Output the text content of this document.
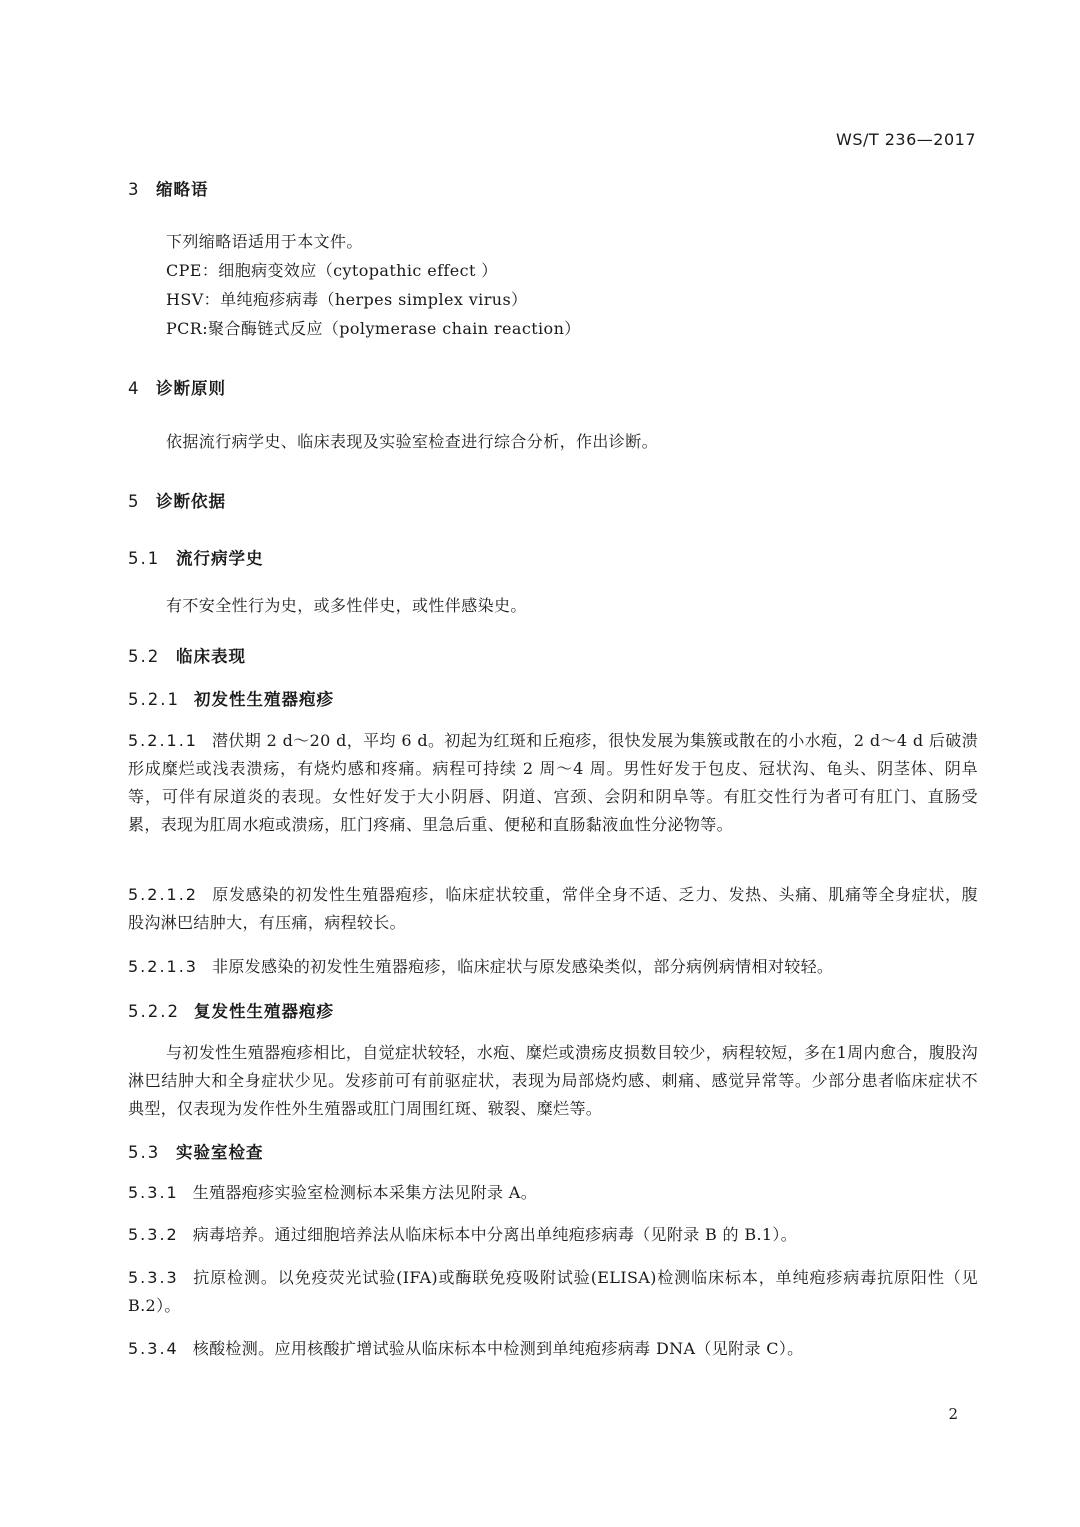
WS/T 236—2017
3 缩略语
下列缩略语适用于本文件。
CPE：细胞病变效应（cytopathic effect ）
HSV：单纯疱疹病毒（herpes simplex virus）
PCR:聚合酶链式反应（polymerase chain reaction）
4 诊断原则
依据流行病学史、临床表现及实验室检查进行综合分析，作出诊断。
5 诊断依据
5.1 流行病学史
有不安全性行为史，或多性伴史，或性伴感染史。
5.2 临床表现
5.2.1 初发性生殖器疱疹
5.2.1.1 潜伏期 2 d～20 d，平均 6 d。初起为红斑和丘疱疹，很快发展为集簇或散在的小水疱，2 d～4 d 后破溃形成糜烂或浅表溃疡，有烧灼感和疼痛。病程可持续 2 周～4 周。男性好发于包皮、冠状沟、龟头、阴茎体、阴阜等，可伴有尿道炎的表现。女性好发于大小阴唇、阴道、宫颈、会阴和阴阜等。有肛交性行为者可有肛门、直肠受累，表现为肛周水疱或溃疡，肛门疼痛、里急后重、便秘和直肠黏液血性分泌物等。
5.2.1.2 原发感染的初发性生殖器疱疹，临床症状较重，常伴全身不适、乏力、发热、头痛、肌痛等全身症状，腹股沟淋巴结肿大，有压痛，病程较长。
5.2.1.3 非原发感染的初发性生殖器疱疹，临床症状与原发感染类似，部分病例病情相对较轻。
5.2.2 复发性生殖器疱疹
与初发性生殖器疱疹相比，自觉症状较轻，水疱、糜烂或溃疡皮损数目较少，病程较短，多在1周内愈合，腹股沟淋巴结肿大和全身症状少见。发疹前可有前驱症状，表现为局部烧灼感、刺痛、感觉异常等。少部分患者临床症状不典型，仅表现为发作性外生殖器或肛门周围红斑、皲裂、糜烂等。
5.3 实验室检查
5.3.1 生殖器疱疹实验室检测标本采集方法见附录 A。
5.3.2 病毒培养。通过细胞培养法从临床标本中分离出单纯疱疹病毒（见附录 B 的 B.1）。
5.3.3 抗原检测。以免疫荧光试验(IFA)或酶联免疫吸附试验(ELISA)检测临床标本，单纯疱疹病毒抗原阳性（见 B.2）。
5.3.4 核酸检测。应用核酸扩增试验从临床标本中检测到单纯疱疹病毒 DNA（见附录 C）。
2
